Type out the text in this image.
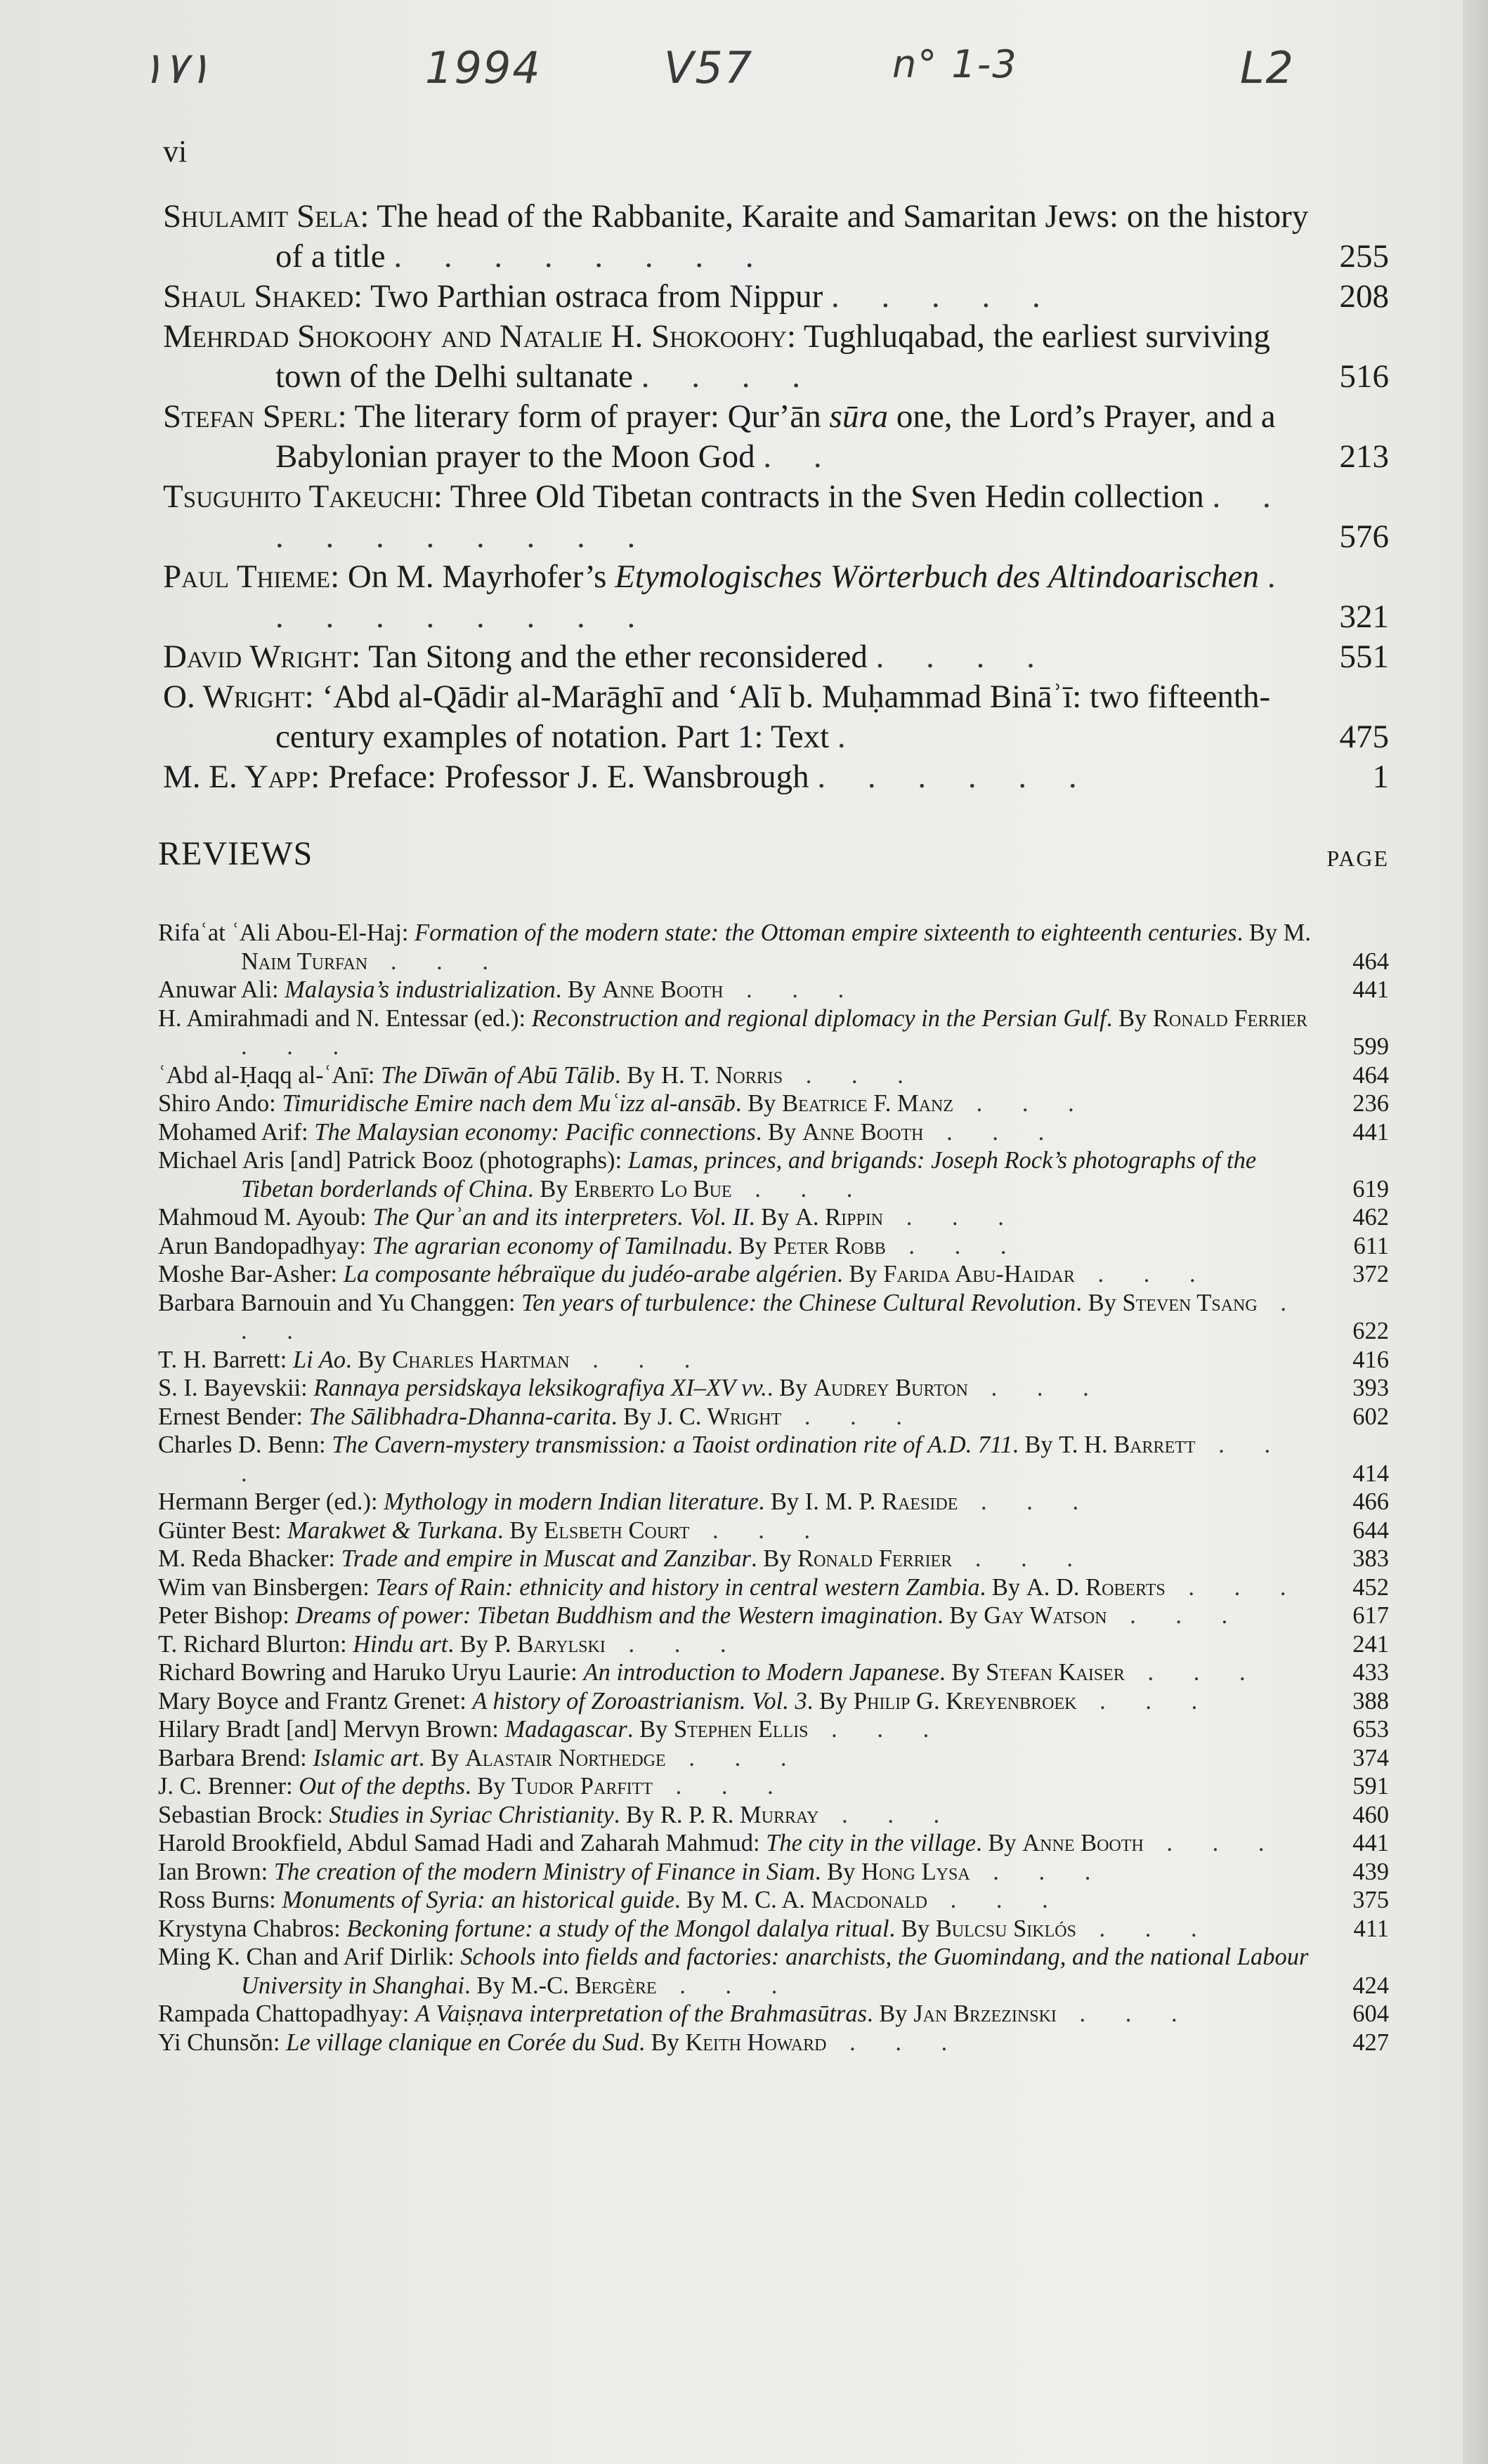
١٧١	1994	V57	n° 1-3	L2
vi
Shulamit Sela: The head of the Rabbanite, Karaite and Samaritan Jews: on the history of a title . . . . . . . .	255
Shaul Shaked: Two Parthian ostraca from Nippur . . . . .	208
Mehrdad Shokoohy and Natalie H. Shokoohy: Tughluqabad, the earliest surviving town of the Delhi sultanate . . . .	516
Stefan Sperl: The literary form of prayer: Qurʼān sūra one, the Lord’s Prayer, and a Babylonian prayer to the Moon God . .	213
Tsuguhito Takeuchi: Three Old Tibetan contracts in the Sven Hedin collection . . . . . . . . . .	576
Paul Thieme: On M. Mayrhofer’s Etymologisches Wörterbuch des Altindoarischen . . . . . . . . .	321
David Wright: Tan Sitong and the ether reconsidered . . . .	551
O. Wright: ‘Abd al-Qādir al-Marāghī and ‘Alī b. Muḥammad Bināʾī: two fifteenth-century examples of notation. Part 1: Text .	475
M. E. Yapp: Preface: Professor J. E. Wansbrough . . . . . .	1
REVIEWS	PAGE
Rifaʿat ʿAli Abou-El-Haj: Formation of the modern state: the Ottoman empire sixteenth to eighteenth centuries. By M. Naim Turfan . . .	464
Anuwar Ali: Malaysia’s industrialization. By Anne Booth . . .	441
H. Amirahmadi and N. Entessar (ed.): Reconstruction and regional diplomacy in the Persian Gulf. By Ronald Ferrier . . .	599
ʿAbd al-Ḥaqq al-ʿAnī: The Dīwān of Abū Tālib. By H. T. Norris . . .	464
Shiro Ando: Timuridische Emire nach dem Muʿizz al-ansāb. By Beatrice F. Manz . . .	236
Mohamed Arif: The Malaysian economy: Pacific connections. By Anne Booth . . .	441
Michael Aris [and] Patrick Booz (photographs): Lamas, princes, and brigands: Joseph Rock’s photographs of the Tibetan borderlands of China. By Erberto Lo Bue . . .	619
Mahmoud M. Ayoub: The Qurʾan and its interpreters. Vol. II. By A. Rippin . . .	462
Arun Bandopadhyay: The agrarian economy of Tamilnadu. By Peter Robb . . .	611
Moshe Bar-Asher: La composante hébraïque du judéo-arabe algérien. By Farida Abu-Haidar . . .	372
Barbara Barnouin and Yu Changgen: Ten years of turbulence: the Chinese Cultural Revolution. By Steven Tsang . . .	622
T. H. Barrett: Li Ao. By Charles Hartman . . .	416
S. I. Bayevskii: Rannaya persidskaya leksikografiya XI–XV vv.. By Audrey Burton . . .	393
Ernest Bender: The Sālibhadra-Dhanna-carita. By J. C. Wright . . .	602
Charles D. Benn: The Cavern-mystery transmission: a Taoist ordination rite of A.D. 711. By T. H. Barrett . . .	414
Hermann Berger (ed.): Mythology in modern Indian literature. By I. M. P. Raeside . . .	466
Günter Best: Marakwet & Turkana. By Elsbeth Court . . .	644
M. Reda Bhacker: Trade and empire in Muscat and Zanzibar. By Ronald Ferrier . . .	383
Wim van Binsbergen: Tears of Rain: ethnicity and history in central western Zambia. By A. D. Roberts . . . 452
Peter Bishop: Dreams of power: Tibetan Buddhism and the Western imagination. By Gay Watson . . .	617
T. Richard Blurton: Hindu art. By P. Barylski . . .	241
Richard Bowring and Haruko Uryu Laurie: An introduction to Modern Japanese. By Stefan Kaiser . . .	433
Mary Boyce and Frantz Grenet: A history of Zoroastrianism. Vol. 3. By Philip G. Kreyenbroek . . .	388
Hilary Bradt [and] Mervyn Brown: Madagascar. By Stephen Ellis . . .	653
Barbara Brend: Islamic art. By Alastair Northedge . . .	374
J. C. Brenner: Out of the depths. By Tudor Parfitt . . .	591
Sebastian Brock: Studies in Syriac Christianity. By R. P. R. Murray . . .	460
Harold Brookfield, Abdul Samad Hadi and Zaharah Mahmud: The city in the village. By Anne Booth . . .	441
Ian Brown: The creation of the modern Ministry of Finance in Siam. By Hong Lysa . . .	439
Ross Burns: Monuments of Syria: an historical guide. By M. C. A. Macdonald . . .	375
Krystyna Chabros: Beckoning fortune: a study of the Mongol dalalya ritual. By Bulcsu Siklós . . .	411
Ming K. Chan and Arif Dirlik: Schools into fields and factories: anarchists, the Guomindang, and the national Labour University in Shanghai. By M.-C. Bergère . . .	424
Rampada Chattopadhyay: A Vaiṣṇava interpretation of the Brahmasūtras. By Jan Brzezinski . . .	604
Yi Chunsŏn: Le village clanique en Corée du Sud. By Keith Howard . . .	427
